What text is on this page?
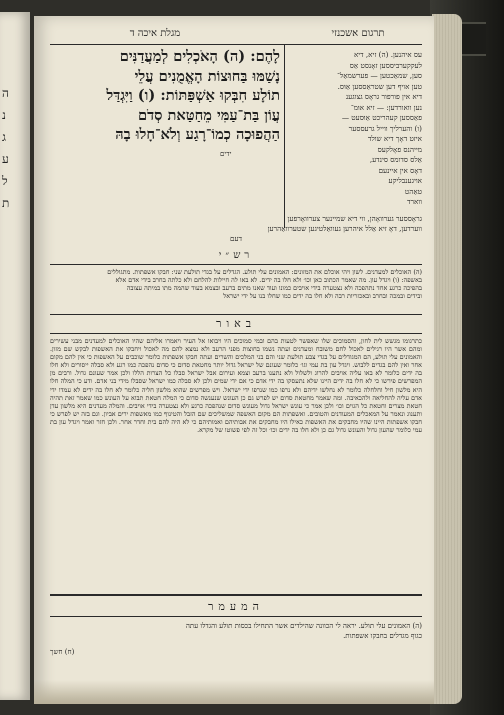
ה
נ
ג
ע
ל
ת
מגלת איכה ד	תרגום אשכנזי
לָהֶם: (ה) הָאֹכְלִים לְמַעֲדַנִּים
נָשַׁמּוּ בַּחוּצוֹת הָאֱמֻנִים עֲלֵי
תוֹלָע חִבְּקוּ אַשְׁפַּתּוֹת: (ו) וַיִּגְדַּל
עֲוֹן בַּת־עַמִּי מֵחַטַּאת סְדֹם
הַהֲפוּכָה כְמוֹ־רָגַע וְלֹא־חָלוּ בָהּ
עס איהנען. (ה) זיא, דיא
לעקקערביססען זאָנסט אַס
סען, שמאַכטען — פערשמאַל־
טען אויף דען שטראַססען אַוּס.
דיא אין פורפור גראָס גצוגענ
נען וואורדען: — זיא אוּמ־
פאַססען קעהריכט אַוּסעט —
(ו) והערליך ווייל גרעססער
איזט דאָך דיא שולד
מייהנס פאָלקעס
אַלס סדומס סינדע,
דאָס אין איינעם
אויגענבליקע
טאַהט
ווארד
ידים
גראָססער גערוואָהן, ווי דיא שמיינער צערוואָרפען
ווערדען, דאָ זיא אַלל איהרען געוואַלטיגען שטערוואַהרען
דעם
רש״י
(ה) האוכלים למעדנים. לשון ויהי אוכלם את המזונים: האמונים עלי תולע. הגדלים על בגדי תולעת שני: חבקו אשפתות. מתגוללים
באשפה: (ו) ויגדל עון. מה שאמר הכתוב כאן וכו׳ ולא חלו בה ידים. לא באו לה חיילות להלחם ולא כלתה בחרב בידי אדם אלא
בהפיכה כרגע אחד נתהפכה ולא נצטערה בידי אויבים כמונו ועוד שאנו מתים ברעב ובצמא בעוד שהמה מתו במיתה עצובה
ובידים ובמכה ובחרב ובאכזריות רבה ולא חלו בה ידים כמו שחלו בנו על ידי ישראל
באור
כתרגומו מגשש לית לחון, והסמוכים שלו שאפשר לטעות בהם ובמי סמוכים היו ויבואו אל העיר ויאמרו אליהם שהיו האוכלים למעדנים מבני עשירים ומהם אשר היו רגילים לאכול לחם משובח ומעדנים ועתה נשמו בחוצות מפני הרעב ולא נמצא להם מה לאכול ויחבקו את האשפות לבקש שם מזון. והאמונים עלי תולע, הם המגודלים על בגדי צבע תולעת שני והם בני המלכים והשרים ועתה חבקו אשפתות כלומר שוכבים על האשפות כי אין להם מקום אחר ואין להם בגדים ללבוש. ויגדל עון בת עמי וגו׳ כלומר שעונם של ישראל גדול יותר מחטאת סדום כי סדום נהפכה כמו רגע ולא סבלה ייסורים ולא חלו בה ידים כלומר לא באו עליה אויבים להרוג ולשלול ולא נתענו ברעב וצמא ועירום אבל ישראל סבלו כל הצרות הללו ולכן אמר שעונם גדול. ורבים מן המפרשים פירשו כי לא חלו בה ידים היינו שלא נתעסקו בה ידי אדם כי אם ידי שמים ולכן לא סבלה כמו ישראל שסבלו מידי בני אדם. ודע כי המלה חלו היא מלשון חיל וחלחלה כלומר לא נחלשו ידיהם ולא נרפו כמו שנרפו ידי ישראל. ויש מפרשים שהוא מלשון חליה כלומר לא חלו בה ידים לא עמדו ידי אדם עליה להחליאה ולהכאיבה. ומה שאמר מחטאת סדום יש לפרש גם כן העונש שנענשה סדום כי המלה חטאת תבוא על העונש כמו שאמר זאת תהיה חטאת מצרים וחטאת כל הגוים וכו׳ ולכן אמר כי עונש ישראל גדול מעונש סדום שנהפכה כרגע ולא נצטערה בידי אויבים. והמלה מעדנים היא מלשון עדן ותענוג ונאמר על המאכלים המעודנים והטובים. ואשפתות הם מקום האשפה שמשליכים שם הזבל והטינוף כמו מאשפות ירים אביון. וגם בזה יש לפרש כי חבקו אשפתות היינו שהיו מחבקים את האשפות כאילו היו מחבקים את אבותיהם ואמותיהם כי לא היה להם בית וחדר אחר. ולכן חזר ואמר ויגדל עון בת עמי כלומר שהעון גדול והעונש גדול גם כן ולא חלו בה ידים וכו׳ וכל זה לפי פשוטו של מקרא.
המעמר
(ה) האמונים עלי תולע. יראה לי הכוונה שהילדים אשר התחילו בכסות תולע והגדלו עתה
כגוף מגדלים בחבקו אשפתות.
(ח) חשך
